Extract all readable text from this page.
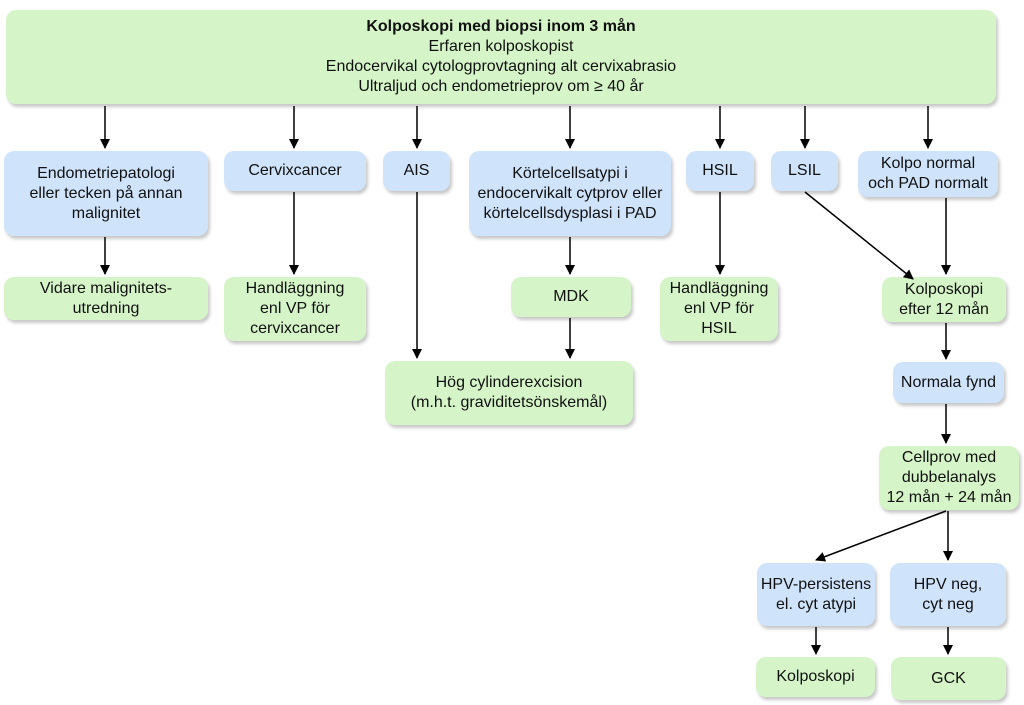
Kolposkopi med biopsi inom 3 mån
Erfaren kolposkopist
Endocervikal cytologprovtagning alt cervixabrasio
Ultraljud och endometrieprov om ≥ 40 år
Endometriepatologi
eller tecken på annan
malignitet
Cervixcancer	AIS	Körtelcellsatypi i
endocervikalt cytprov eller
körtelcellsdysplasi i PAD
HSIL	LSIL	Kolpo normal
och PAD normalt
Vidare malignitets-
utredning
Handläggning
enl VP för
cervixcancer
MDK	Handläggning
enl VP för
HSIL
Kolposkopi
efter 12 mån
Hög cylinderexcision
(m.h.t. graviditetsönskemål)
Normala fynd
Cellprov med
dubbelanalys
12 mån + 24 mån
HPV-persistens
el. cyt atypi
HPV neg,
cyt neg
Kolposkopi	GCK
